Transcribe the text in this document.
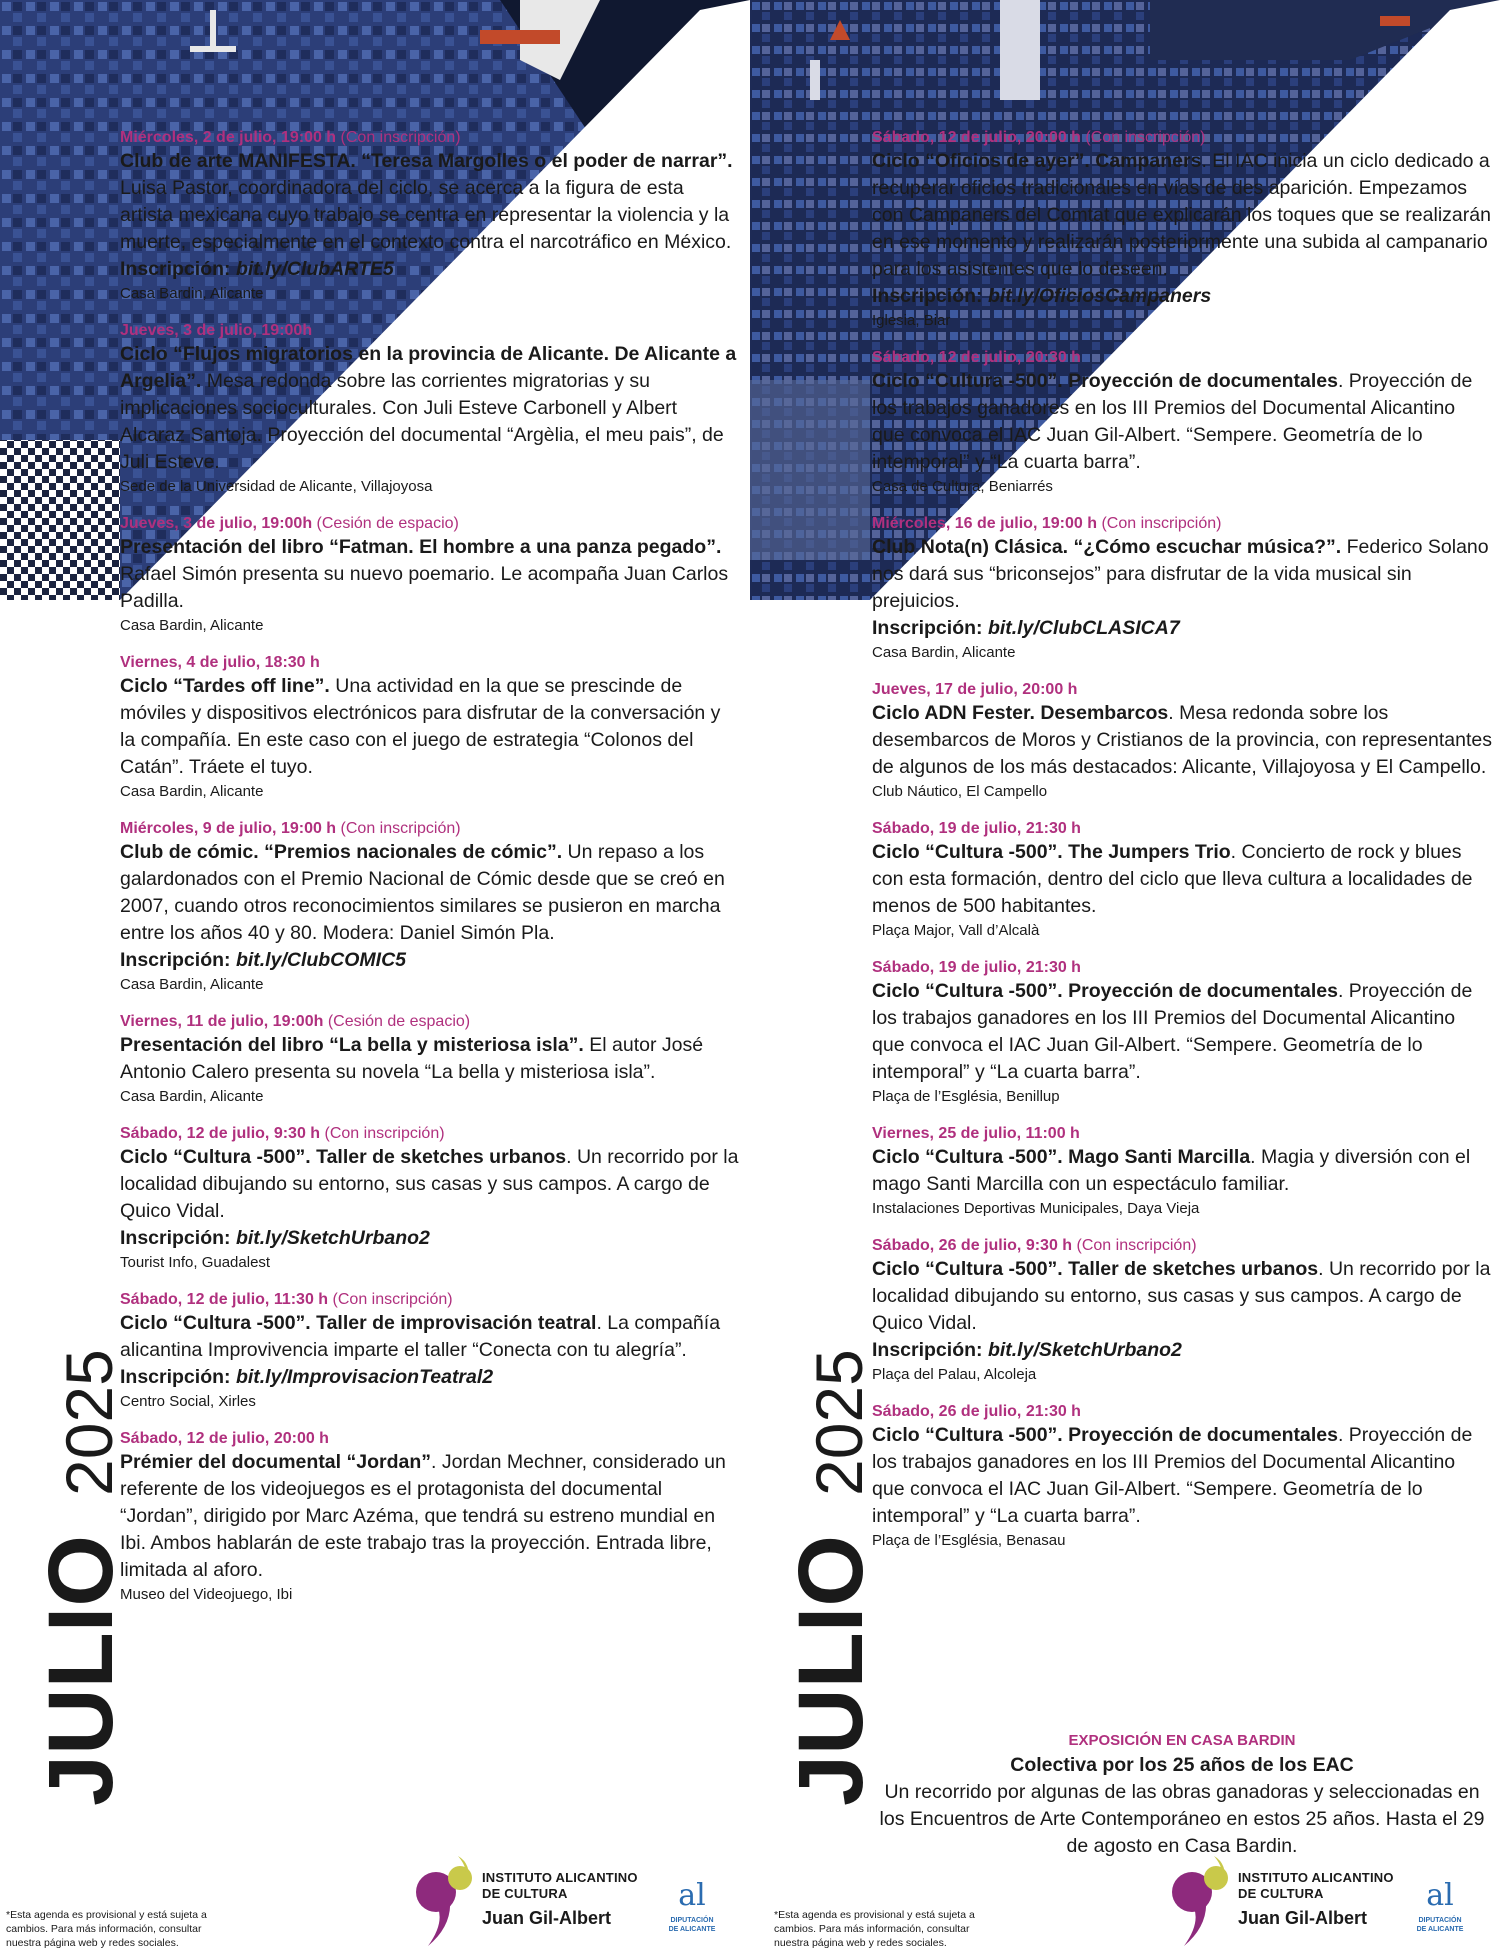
Miércoles, 2 de julio, 19:00 h (Con inscripción)
Club de arte MANIFESTA. “Teresa Margolles o el poder de narrar”. Luisa Pastor, coordinadora del ciclo, se acerca a la figura de esta artista mexicana cuyo trabajo se centra en representar la violencia y la muerte, especialmente en el contexto contra el narcotráfico en México.
Inscripción: bit.ly/ClubARTE5
Casa Bardin, Alicante
Jueves, 3 de julio, 19:00h
Ciclo “Flujos migratorios en la provincia de Alicante. De Alicante a Argelia”. Mesa redonda sobre las corrientes migratorias y su implicaciones socioculturales. Con Juli Esteve Carbonell y Albert Alcaraz Santoja. Proyección del documental “Argèlia, el meu pais”, de Juli Esteve.
Sede de la Universidad de Alicante, Villajoyosa
Jueves, 3 de julio, 19:00h (Cesión de espacio)
Presentación del libro “Fatman. El hombre a una panza pegado”. Rafael Simón presenta su nuevo poemario. Le acompaña Juan Carlos Padilla.
Casa Bardin, Alicante
Viernes, 4 de julio, 18:30 h
Ciclo “Tardes off line”. Una actividad en la que se prescinde de móviles y dispositivos electrónicos para disfrutar de la conversación y la compañía. En este caso con el juego de estrategia “Colonos del Catán”. Tráete el tuyo.
Casa Bardin, Alicante
Miércoles, 9 de julio, 19:00 h (Con inscripción)
Club de cómic. “Premios nacionales de cómic”. Un repaso a los galardonados con el Premio Nacional de Cómic desde que se creó en 2007, cuando otros reconocimientos similares se pusieron en marcha entre los años 40 y 80. Modera: Daniel Simón Pla.
Inscripción: bit.ly/ClubCOMIC5
Casa Bardin, Alicante
Viernes, 11 de julio, 19:00h (Cesión de espacio)
Presentación del libro “La bella y misteriosa isla”. El autor José Antonio Calero presenta su novela “La bella y misteriosa isla”.
Casa Bardin, Alicante
Sábado, 12 de julio, 9:30 h (Con inscripción)
Ciclo “Cultura -500”. Taller de sketches urbanos. Un recorrido por la localidad dibujando su entorno, sus casas y sus campos. A cargo de Quico Vidal.
Inscripción: bit.ly/SketchUrbano2
Tourist Info, Guadalest
Sábado, 12 de julio, 11:30 h (Con inscripción)
Ciclo “Cultura -500”. Taller de improvisación teatral. La compañía alicantina Improvivencia imparte el taller “Conecta con tu alegría”.
Inscripción: bit.ly/ImprovisacionTeatral2
Centro Social, Xirles
Sábado, 12 de julio, 20:00 h
Prémier del documental “Jordan”. Jordan Mechner, considerado un referente de los videojuegos es el protagonista del documental “Jordan”, dirigido por Marc Azéma, que tendrá su estreno mundial en Ibi. Ambos hablarán de este trabajo tras la proyección. Entrada libre, limitada al aforo.
Museo del Videojuego, Ibi
JULIO
2025
*Esta agenda es provisional y está sujeta a cambios. Para más información, consultar nuestra página web y redes sociales.
INSTITUTO ALICANTINO
DE CULTURA
Juan Gil-Albert
al
DIPUTACIÓN
DE ALICANTE
Sábado, 12 de julio, 20:00 h (Con inscripción)
Ciclo “Oficios de ayer”. Campaners. El IAC inicia un ciclo dedicado a recuperar oficios tradicionales en vías de des aparición. Empezamos con Campaners del Comtat que explicarán los toques que se realizarán en ese momento y realizarán posteriormente una subida al campanario para los asistentes que lo deseen.
Inscripción: bit.ly/OficiosCampaners
Iglesia, Biar
Sábado, 12 de julio, 20:30 h
Ciclo “Cultura -500”. Proyección de documentales. Proyección de los trabajos ganadores en los III Premios del Documental Alicantino que convoca el IAC Juan Gil-Albert. “Sempere. Geometría de lo intemporal” y “La cuarta barra”.
Casa de Cultura, Beniarrés
Miércoles, 16 de julio, 19:00 h (Con inscripción)
Club Nota(n) Clásica. “¿Cómo escuchar música?”. Federico Solano nos dará sus “briconsejos” para disfrutar de la vida musical sin prejuicios.
Inscripción: bit.ly/ClubCLASICA7
Casa Bardin, Alicante
Jueves, 17 de julio, 20:00 h
Ciclo ADN Fester. Desembarcos. Mesa redonda sobre los desembarcos de Moros y Cristianos de la provincia, con representantes de algunos de los más destacados: Alicante, Villajoyosa y El Campello.
Club Náutico, El Campello
Sábado, 19 de julio, 21:30 h
Ciclo “Cultura -500”. The Jumpers Trio. Concierto de rock y blues con esta formación, dentro del ciclo que lleva cultura a localidades de menos de 500 habitantes.
Plaça Major, Vall d’Alcalà
Sábado, 19 de julio, 21:30 h
Ciclo “Cultura -500”. Proyección de documentales. Proyección de los trabajos ganadores en los III Premios del Documental Alicantino que convoca el IAC Juan Gil-Albert. “Sempere. Geometría de lo intemporal” y “La cuarta barra”.
Plaça de l’Església, Benillup
Viernes, 25 de julio, 11:00 h
Ciclo “Cultura -500”. Mago Santi Marcilla. Magia y diversión con el mago Santi Marcilla con un espectáculo familiar.
Instalaciones Deportivas Municipales, Daya Vieja
Sábado, 26 de julio, 9:30 h (Con inscripción)
Ciclo “Cultura -500”. Taller de sketches urbanos. Un recorrido por la localidad dibujando su entorno, sus casas y sus campos. A cargo de Quico Vidal.
Inscripción: bit.ly/SketchUrbano2
Plaça del Palau, Alcoleja
Sábado, 26 de julio, 21:30 h
Ciclo “Cultura -500”. Proyección de documentales. Proyección de los trabajos ganadores en los III Premios del Documental Alicantino que convoca el IAC Juan Gil-Albert. “Sempere. Geometría de lo intemporal” y “La cuarta barra”.
Plaça de l’Església, Benasau
EXPOSICIÓN EN CASA BARDIN
Colectiva por los 25 años de los EAC
Un recorrido por algunas de las obras ganadoras y seleccionadas en los Encuentros de Arte Contemporáneo en estos 25 años. Hasta el 29 de agosto en Casa Bardin.
JULIO
2025
*Esta agenda es provisional y está sujeta a cambios. Para más información, consultar nuestra página web y redes sociales.
INSTITUTO ALICANTINO
DE CULTURA
Juan Gil-Albert
al
DIPUTACIÓN
DE ALICANTE
